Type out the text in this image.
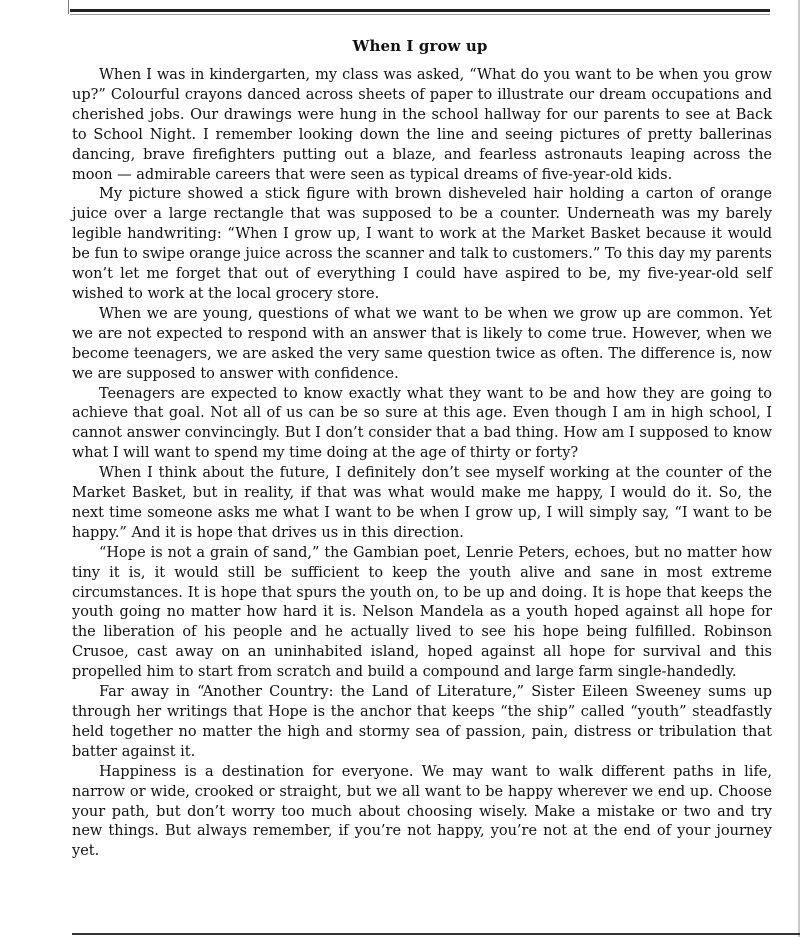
When I grow up

When I was in kindergarten, my class was asked, “What do you want to be when you grow up?” Colourful crayons danced across sheets of paper to illustrate our dream occupations and cherished jobs. Our drawings were hung in the school hallway for our parents to see at Back to School Night. I remember looking down the line and seeing pictures of pretty ballerinas dancing, brave firefighters putting out a blaze, and fearless astronauts leaping across the moon — admirable careers that were seen as typical dreams of five-year-old kids.

My picture showed a stick figure with brown disheveled hair holding a carton of orange juice over a large rectangle that was supposed to be a counter. Underneath was my barely legible handwriting: “When I grow up, I want to work at the Market Basket because it would be fun to swipe orange juice across the scanner and talk to customers.” To this day my parents won’t let me forget that out of everything I could have aspired to be, my five-year-old self wished to work at the local grocery store.

When we are young, questions of what we want to be when we grow up are common. Yet we are not expected to respond with an answer that is likely to come true. However, when we become teenagers, we are asked the very same question twice as often. The difference is, now we are supposed to answer with confidence.

Teenagers are expected to know exactly what they want to be and how they are going to achieve that goal. Not all of us can be so sure at this age. Even though I am in high school, I cannot answer convincingly. But I don’t consider that a bad thing. How am I supposed to know what I will want to spend my time doing at the age of thirty or forty?

When I think about the future, I definitely don’t see myself working at the counter of the Market Basket, but in reality, if that was what would make me happy, I would do it. So, the next time someone asks me what I want to be when I grow up, I will simply say, “I want to be happy.” And it is hope that drives us in this direction.

“Hope is not a grain of sand,” the Gambian poet, Lenrie Peters, echoes, but no matter how tiny it is, it would still be sufficient to keep the youth alive and sane in most extreme circumstances. It is hope that spurs the youth on, to be up and doing. It is hope that keeps the youth going no matter how hard it is. Nelson Mandela as a youth hoped against all hope for the liberation of his people and he actually lived to see his hope being fulfilled. Robinson Crusoe, cast away on an uninhabited island, hoped against all hope for survival and this propelled him to start from scratch and build a compound and large farm single-handedly.

Far away in “Another Country: the Land of Literature,” Sister Eileen Sweeney sums up through her writings that Hope is the anchor that keeps “the ship” called “youth” steadfastly held together no matter the high and stormy sea of passion, pain, distress or tribulation that batter against it.

Happiness is a destination for everyone. We may want to walk different paths in life, narrow or wide, crooked or straight, but we all want to be happy wherever we end up. Choose your path, but don’t worry too much about choosing wisely. Make a mistake or two and try new things. But always remember, if you’re not happy, you’re not at the end of your journey yet.
